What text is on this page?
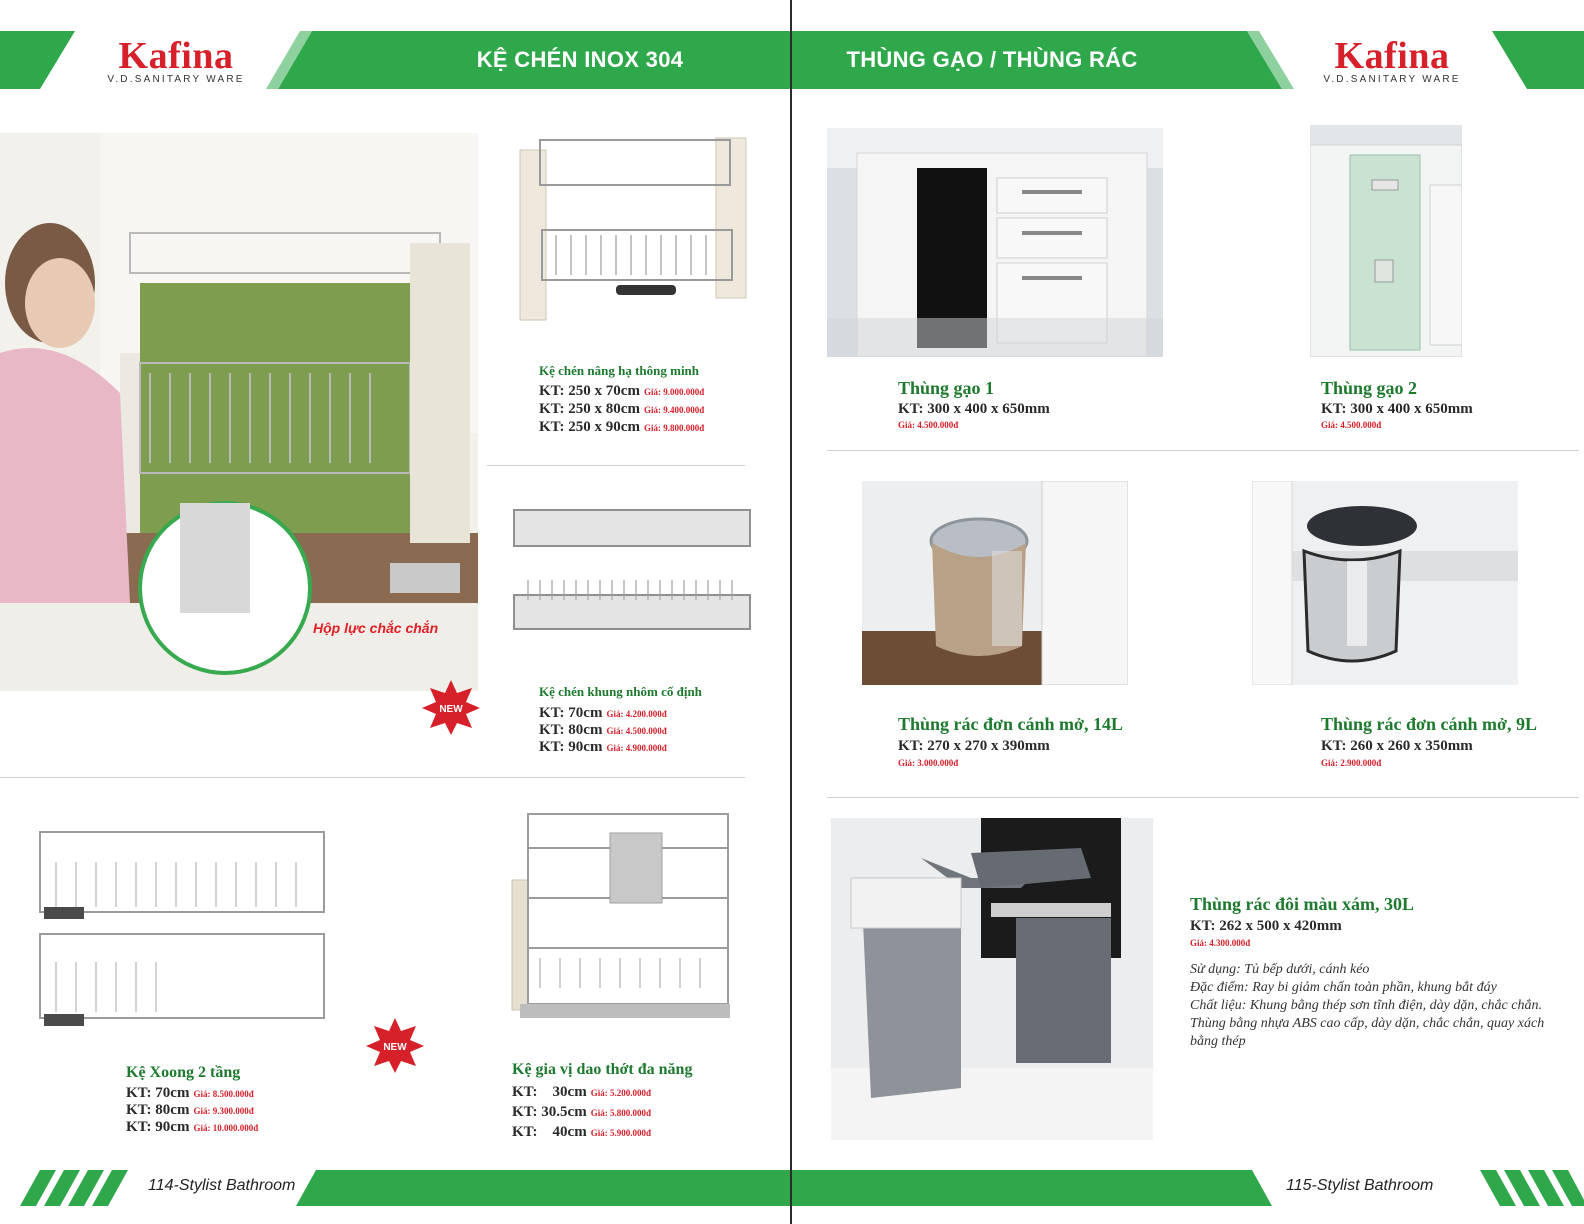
Kafina
V.D.SANITARY WARE
KỆ CHÉN INOX 304
Hộp lực chắc chắn
NEW
Kệ chén nâng hạ thông minh
KT: 250 x 70cm Giá: 9.000.000đ
KT: 250 x 80cm Giá: 9.400.000đ
KT: 250 x 90cm Giá: 9.800.000đ
Kệ chén khung nhôm cố định
KT: 70cm Giá: 4.200.000đ
KT: 80cm Giá: 4.500.000đ
KT: 90cm Giá: 4.900.000đ
NEW
Kệ Xoong 2 tầng
KT: 70cm Giá: 8.500.000đ
KT: 80cm Giá: 9.300.000đ
KT: 90cm Giá: 10.000.000đ
Kệ gia vị dao thớt đa năng
KT:    30cm Giá: 5.200.000đ
KT: 30.5cm Giá: 5.800.000đ
KT:    40cm Giá: 5.900.000đ
114-Stylist Bathroom
THÙNG GẠO / THÙNG RÁC	Kafina
V.D.SANITARY WARE
Thùng gạo 1
KT: 300 x 400 x 650mm
Giá: 4.500.000đ
Thùng gạo 2
KT: 300 x 400 x 650mm
Giá: 4.500.000đ
Thùng rác đơn cánh mở, 14L
KT: 270 x 270 x 390mm
Giá: 3.000.000đ
Thùng rác đơn cánh mở, 9L
KT: 260 x 260 x 350mm
Giá: 2.900.000đ
Thùng rác đôi màu xám, 30L
KT: 262 x 500 x 420mm
Giá: 4.300.000đ
Sử dụng: Tủ bếp dưới, cánh kéo
Đặc điểm: Ray bi giảm chấn toàn phần, khung bắt đáy
Chất liệu: Khung bằng thép sơn tĩnh điện, dày dặn, chắc chắn.
Thùng bằng nhựa ABS cao cấp, dày dặn, chắc chắn, quay xách
bằng thép
115-Stylist Bathroom
